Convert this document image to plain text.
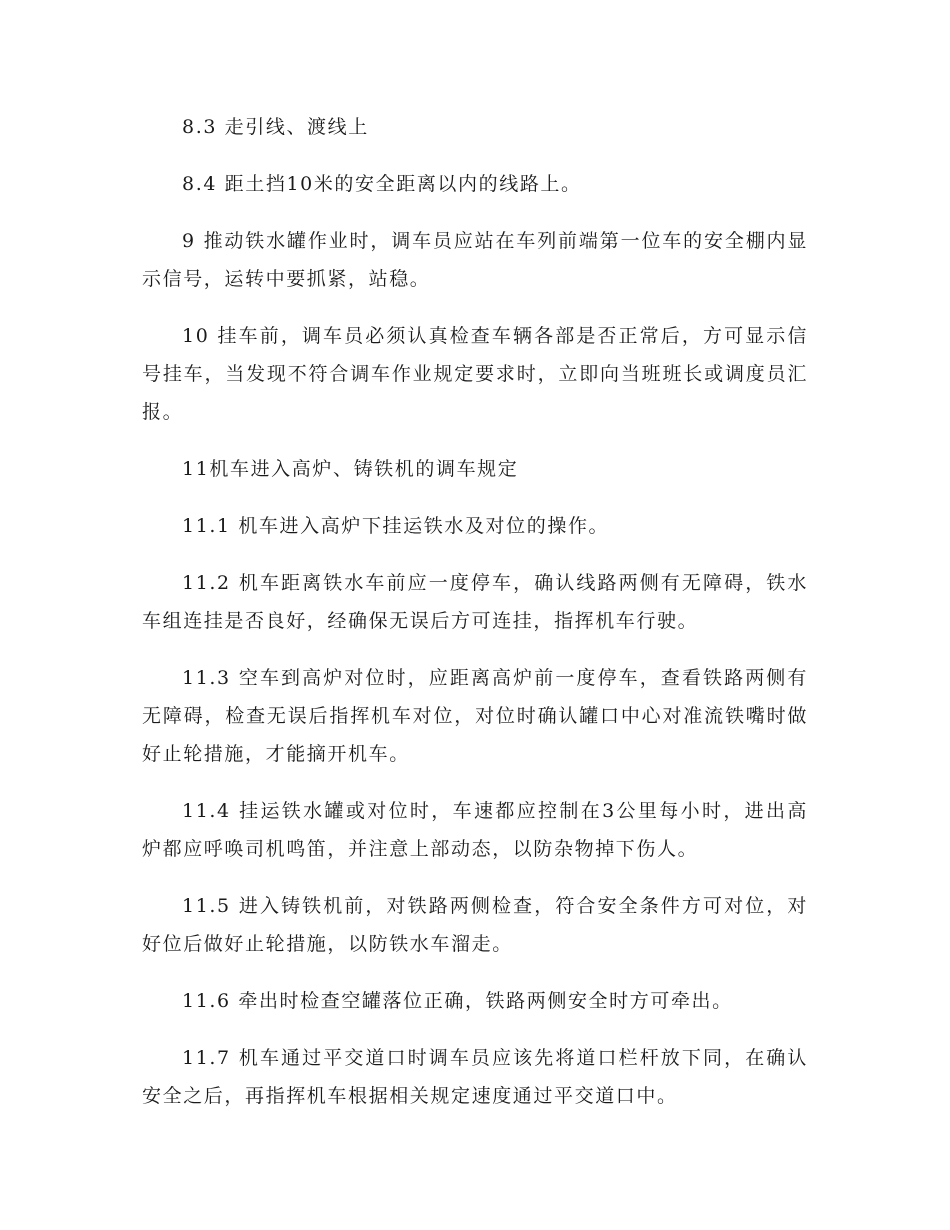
8.3 走引线、渡线上

8.4 距土挡10米的安全距离以内的线路上。

9 推动铁水罐作业时，调车员应站在车列前端第一位车的安全棚内显示信号，运转中要抓紧，站稳。

10 挂车前，调车员必须认真检查车辆各部是否正常后，方可显示信号挂车，当发现不符合调车作业规定要求时，立即向当班班长或调度员汇报。

11机车进入高炉、铸铁机的调车规定

11.1 机车进入高炉下挂运铁水及对位的操作。

11.2 机车距离铁水车前应一度停车，确认线路两侧有无障碍，铁水车组连挂是否良好，经确保无误后方可连挂，指挥机车行驶。

11.3 空车到高炉对位时，应距离高炉前一度停车，查看铁路两侧有无障碍，检查无误后指挥机车对位，对位时确认罐口中心对准流铁嘴时做好止轮措施，才能摘开机车。

11.4 挂运铁水罐或对位时，车速都应控制在3公里每小时，进出高炉都应呼唤司机鸣笛，并注意上部动态，以防杂物掉下伤人。

11.5 进入铸铁机前，对铁路两侧检查，符合安全条件方可对位，对好位后做好止轮措施，以防铁水车溜走。

11.6 牵出时检查空罐落位正确，铁路两侧安全时方可牵出。

11.7 机车通过平交道口时调车员应该先将道口栏杆放下同，在确认安全之后，再指挥机车根据相关规定速度通过平交道口中。
